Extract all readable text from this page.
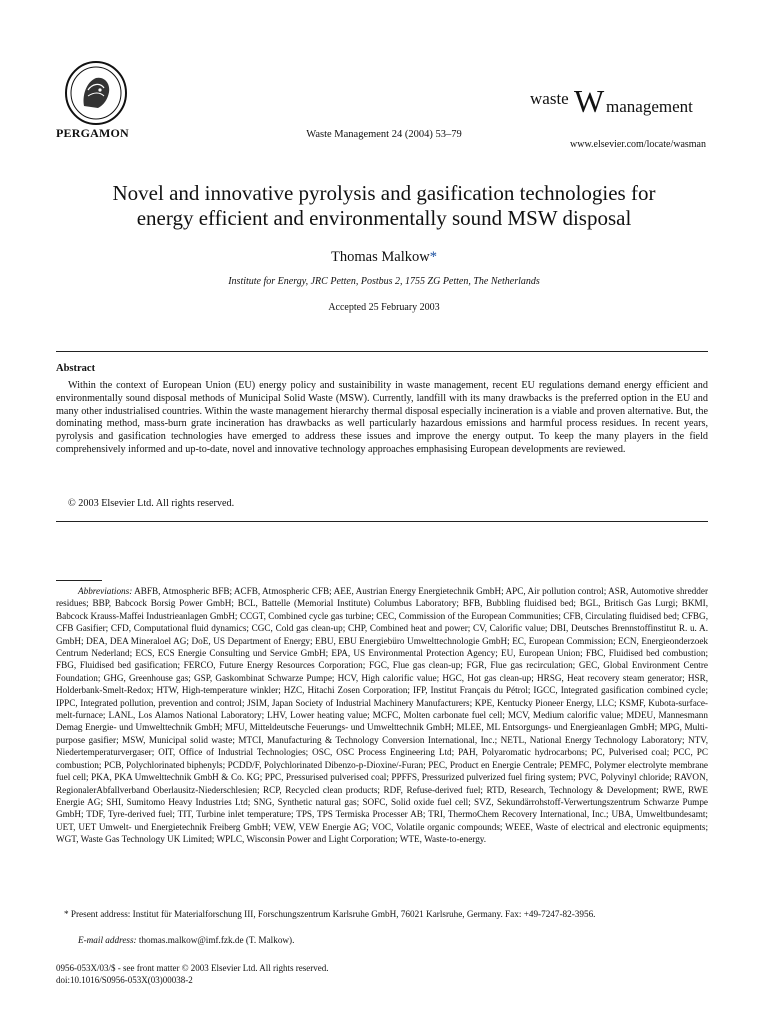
PERGAMON	Waste Management 24 (2004) 53–79
waste W management
www.elsevier.com/locate/wasman
Novel and innovative pyrolysis and gasification technologies for
energy efficient and environmentally sound MSW disposal
Thomas Malkow*
Institute for Energy, JRC Petten, Postbus 2, 1755 ZG Petten, The Netherlands
Accepted 25 February 2003
Abstract

Within the context of European Union (EU) energy policy and sustainibility in waste management, recent EU regulations demand energy efficient and environmentally sound disposal methods of Municipal Solid Waste (MSW). Currently, landfill with its many drawbacks is the preferred option in the EU and many other industrialised countries. Within the waste management hierarchy thermal disposal especially incineration is a viable and proven alternative. But, the dominating method, mass-burn grate incineration has drawbacks as well particularly hazardous emissions and harmful process residues. In recent years, pyrolysis and gasification technologies have emerged to address these issues and improve the energy output. To keep the many players in the field comprehensively informed and up-to-date, novel and innovative technology approaches emphasising European developments are reviewed.

© 2003 Elsevier Ltd. All rights reserved.

Abbreviations: ABFB, Atmospheric BFB; ACFB, Atmospheric CFB; AEE, Austrian Energy Energietechnik GmbH; APC, Air pollution control; ASR, Automotive shredder residues; BBP, Babcock Borsig Power GmbH; BCL, Battelle (Memorial Institute) Columbus Laboratory; BFB, Bubbling fluidised bed; BGL, Britisch Gas Lurgi; BKMI, Babcock Krauss-Maffei Industrieanlagen GmbH; CCGT, Combined cycle gas turbine; CEC, Commission of the European Communities; CFB, Circulating fluidised bed; CFBG, CFB Gasifier; CFD, Computational fluid dynamics; CGC, Cold gas clean-up; CHP, Combined heat and power; CV, Calorific value; DBI, Deutsches Brennstoffinstitut R. u. A. GmbH; DEA, DEA Mineraloel AG; DoE, US Department of Energy; EBU, EBU Energiebüro Umwelttechnologie GmbH; EC, European Commission; ECN, Energieonderzoek Centrum Nederland; ECS, ECS Energie Consulting und Service GmbH; EPA, US Environmental Protection Agency; EU, European Union; FBC, Fluidised bed combustion; FBG, Fluidised bed gasification; FERCO, Future Energy Resources Corporation; FGC, Flue gas clean-up; FGR, Flue gas recirculation; GEC, Global Environment Centre Foundation; GHG, Greenhouse gas; GSP, Gaskombinat Schwarze Pumpe; HCV, High calorific value; HGC, Hot gas clean-up; HRSG, Heat recovery steam generator; HSR, Holderbank-Smelt-Redox; HTW, High-temperature winkler; HZC, Hitachi Zosen Corporation; IFP, Institut Français du Pétrol; IGCC, Integrated gasification combined cycle; IPPC, Integrated pollution, prevention and control; JSIM, Japan Society of Industrial Machinery Manufacturers; KPE, Kentucky Pioneer Energy, LLC; KSMF, Kubota-surface-melt-furnace; LANL, Los Alamos National Laboratory; LHV, Lower heating value; MCFC, Molten carbonate fuel cell; MCV, Medium calorific value; MDEU, Mannesmann Demag Energie- und Umwelttechnik GmbH; MFU, Mitteldeutsche Feuerungs- und Umwelttechnik GmbH; MLEE, ML Entsorgungs- und Energieanlagen GmbH; MPG, Multi-purpose gasifier; MSW, Municipal solid waste; MTCI, Manufacturing & Technology Conversion International, Inc.; NETL, National Energy Technology Laboratory; NTV, Niedertemperaturvergaser; OIT, Office of Industrial Technologies; OSC, OSC Process Engineering Ltd; PAH, Polyaromatic hydrocarbons; PC, Pulverised coal; PCC, PC combustion; PCB, Polychlorinated biphenyls; PCDD/F, Polychlorinated Dibenzo-p-Dioxine/-Furan; PEC, Product en Energie Centrale; PEMFC, Polymer electrolyte membrane fuel cell; PKA, PKA Umwelttechnik GmbH & Co. KG; PPC, Pressurised pulverised coal; PPFFS, Pressurized pulverized fuel firing system; PVC, Polyvinyl chloride; RAVON, RegionalerAbfallverband Oberlausitz-Niederschlesien; RCP, Recycled clean products; RDF, Refuse-derived fuel; RTD, Research, Technology & Development; RWE, RWE Energie AG; SHI, Sumitomo Heavy Industries Ltd; SNG, Synthetic natural gas; SOFC, Solid oxide fuel cell; SVZ, Sekundärrohstoff-Verwertungszentrum Schwarze Pumpe GmbH; TDF, Tyre-derived fuel; TIT, Turbine inlet temperature; TPS, TPS Termiska Processer AB; TRI, ThermoChem Recovery International, Inc.; UBA, Umweltbundesamt; UET, UET Umwelt- und Energietechnik Freiberg GmbH; VEW, VEW Energie AG; VOC, Volatile organic compounds; WEEE, Waste of electrical and electronic equipments; WGT, Waste Gas Technology UK Limited; WPLC, Wisconsin Power and Light Corporation; WTE, Waste-to-energy.

* Present address: Institut für Materialforschung III, Forschungszentrum Karlsruhe GmbH, 76021 Karlsruhe, Germany. Fax: +49-7247-82-3956.

E-mail address: thomas.malkow@imf.fzk.de (T. Malkow).
0956-053X/03/$ - see front matter © 2003 Elsevier Ltd. All rights reserved.
doi:10.1016/S0956-053X(03)00038-2
